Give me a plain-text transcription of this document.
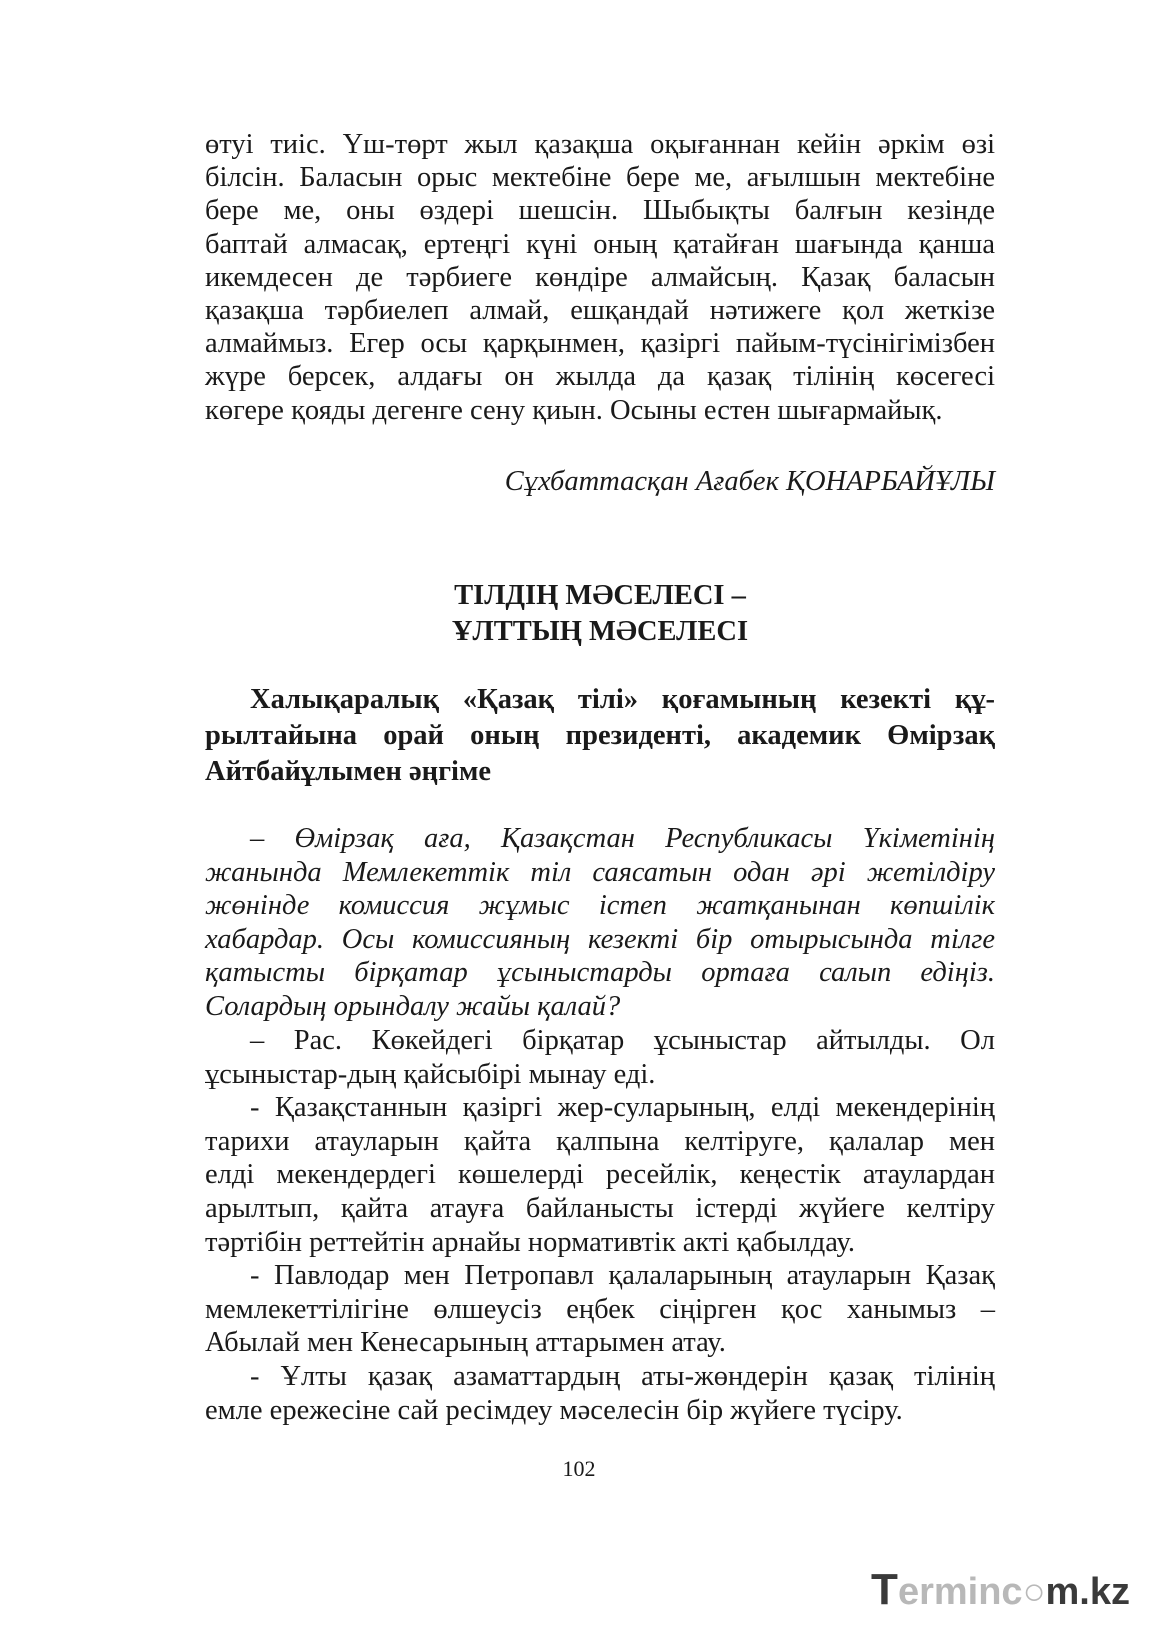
өтуі тиіс. Үш-төрт жыл қазақша оқығаннан кейін әркім өзі
білсін. Баласын орыс мектебіне бере ме, ағылшын мектебіне
бере ме, оны өздері шешсін. Шыбықты балғын кезінде
баптай алмасақ, ертеңгі күні оның қатайған шағында қанша
икемдесен де тәрбиеге көндіре алмайсың. Қазақ баласын
қазақша тәрбиелеп алмай, ешқандай нәтижеге қол жеткізе
алмаймыз. Егер осы қарқынмен, қазіргі пайым-түсінігімізбен
жүре берсек, алдағы он жылда да қазақ тілінің көсегесі
көгере қояды дегенге сену қиын. Осыны естен шығармайық.
Сұхбаттасқан Ағабек ҚОНАРБАЙҰЛЫ
ТІЛДІҢ МӘСЕЛЕСІ –
ҰЛТТЫҢ МӘСЕЛЕСІ
Халықаралық «Қазақ тілі» қоғамының кезекті құ-
рылтайына орай оның президенті, академик Өмірзақ
Айтбайұлымен әңгіме
– Өмірзақ аға, Қазақстан Республикасы Үкіметінің
жанында Мемлекеттік тіл саясатын одан әрі жетілдіру
жөнінде комиссия жұмыс істеп жатқанынан көпшілік
хабардар. Осы комиссияның кезекті бір отырысында тілге
қатысты бірқатар ұсыныстарды ортаға салып едіңіз.
Солардың орындалу жайы қалай?
– Рас. Көкейдегі бірқатар ұсыныстар айтылды. Ол
ұсыныстар-дың қайсыбірі мынау еді.
- Қазақстаннын қазіргі жер-суларының, елді мекендерінің
тарихи атауларын қайта қалпына келтіруге, қалалар мен
елді мекендердегі көшелерді ресейлік, кеңестік атаулардан
арылтып, қайта атауға байланысты істерді жүйеге келтіру
тәртібін реттейтін арнайы нормативтік акті қабылдау.
- Павлодар мен Петропавл қалаларының атауларын Қазақ
мемлекеттілігіне өлшеусіз еңбек сіңірген қос ханымыз –
Абылай мен Кенесарының аттарымен атау.
- Ұлты қазақ азаматтардың аты-жөндерін қазақ тілінің
емле ережесіне сай ресімдеу мәселесін бір жүйеге түсіру.
102
Terminc○m.kz
